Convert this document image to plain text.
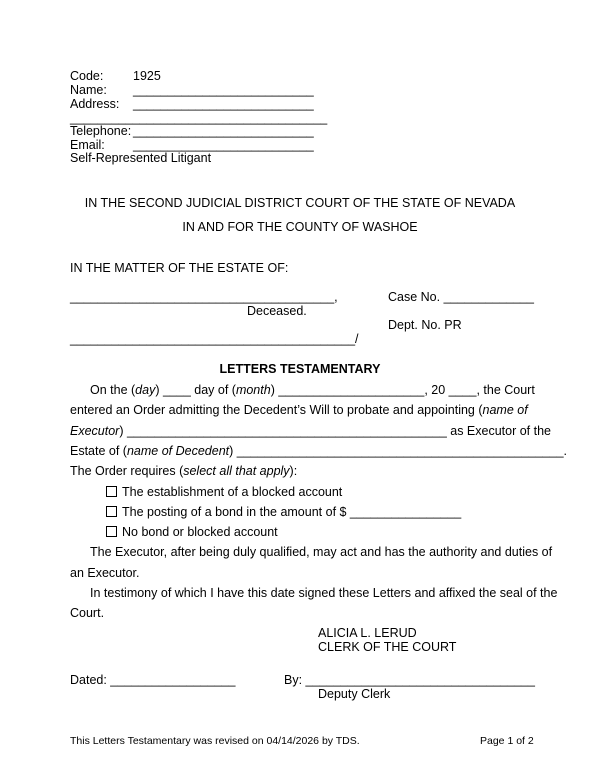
Code: 1925
Name: __________________________
Address: __________________________
_____________________________________
Telephone: __________________________
Email: __________________________
Self-Represented Litigant
IN THE SECOND JUDICIAL DISTRICT COURT OF THE STATE OF NEVADA
IN AND FOR THE COUNTY OF WASHOE
IN THE MATTER OF THE ESTATE OF:
______________________________________,
Deceased.
_________________________________________/
Case No. _____________
Dept. No. PR
LETTERS TESTAMENTARY
On the (day) ____ day of (month) _____________________, 20 ____, the Court
entered an Order admitting the Decedent’s Will to probate and appointing (name of
Executor) ______________________________________________ as Executor of the
Estate of (name of Decedent) _______________________________________________.
The Order requires (select all that apply):
The establishment of a blocked account
The posting of a bond in the amount of $ ________________
No bond or blocked account
The Executor, after being duly qualified, may act and has the authority and duties of
an Executor.
In testimony of which I have this date signed these Letters and affixed the seal of the
Court.
ALICIA L. LERUD
CLERK OF THE COURT
Dated: __________________	By: _________________________________
Deputy Clerk
This Letters Testamentary was revised on 04/14/2026 by TDS.	Page 1 of 2
